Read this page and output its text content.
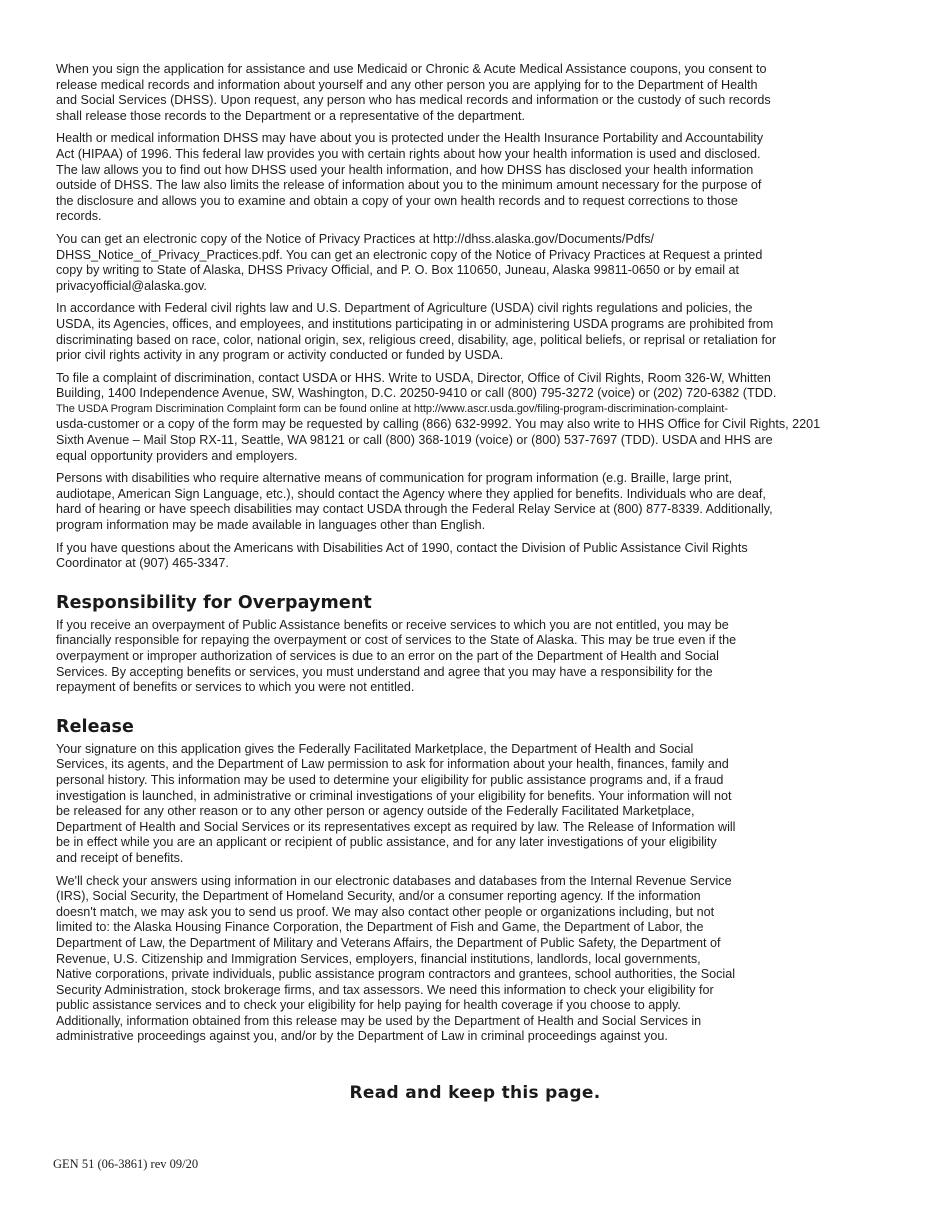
When you sign the application for assistance and use Medicaid or Chronic & Acute Medical Assistance coupons, you consent to
release medical records and information about yourself and any other person you are applying for to the Department of Health
and Social Services (DHSS). Upon request, any person who has medical records and information or the custody of such records
shall release those records to the Department or a representative of the department.

Health or medical information DHSS may have about you is protected under the Health Insurance Portability and Accountability
Act (HIPAA) of 1996. This federal law provides you with certain rights about how your health information is used and disclosed.
The law allows you to find out how DHSS used your health information, and how DHSS has disclosed your health information
outside of DHSS. The law also limits the release of information about you to the minimum amount necessary for the purpose of
the disclosure and allows you to examine and obtain a copy of your own health records and to request corrections to those
records.

You can get an electronic copy of the Notice of Privacy Practices at http://dhss.alaska.gov/Documents/Pdfs/
DHSS_Notice_of_Privacy_Practices.pdf. You can get an electronic copy of the Notice of Privacy Practices at Request a printed
copy by writing to State of Alaska, DHSS Privacy Official, and P. O. Box 110650, Juneau, Alaska 99811-0650 or by email at
privacyofficial@alaska.gov.

In accordance with Federal civil rights law and U.S. Department of Agriculture (USDA) civil rights regulations and policies, the
USDA, its Agencies, offices, and employees, and institutions participating in or administering USDA programs are prohibited from
discriminating based on race, color, national origin, sex, religious creed, disability, age, political beliefs, or reprisal or retaliation for
prior civil rights activity in any program or activity conducted or funded by USDA.

To file a complaint of discrimination, contact USDA or HHS. Write to USDA, Director, Office of Civil Rights, Room 326-W, Whitten
Building, 1400 Independence Avenue, SW, Washington, D.C. 20250-9410 or call (800) 795-3272 (voice) or (202) 720-6382 (TDD.
The USDA Program Discrimination Complaint form can be found online at http://www.ascr.usda.gov/filing-program-discrimination-complaint-
usda-customer or a copy of the form may be requested by calling (866) 632-9992. You may also write to HHS Office for Civil Rights, 2201
Sixth Avenue – Mail Stop RX-11, Seattle, WA 98121 or call (800) 368-1019 (voice) or (800) 537-7697 (TDD). USDA and HHS are
equal opportunity providers and employers.

Persons with disabilities who require alternative means of communication for program information (e.g. Braille, large print,
audiotape, American Sign Language, etc.), should contact the Agency where they applied for benefits. Individuals who are deaf,
hard of hearing or have speech disabilities may contact USDA through the Federal Relay Service at (800) 877-8339. Additionally,
program information may be made available in languages other than English.

If you have questions about the Americans with Disabilities Act of 1990, contact the Division of Public Assistance Civil Rights
Coordinator at (907) 465-3347.

Responsibility for Overpayment

If you receive an overpayment of Public Assistance benefits or receive services to which you are not entitled, you may be
financially responsible for repaying the overpayment or cost of services to the State of Alaska. This may be true even if the
overpayment or improper authorization of services is due to an error on the part of the Department of Health and Social
Services. By accepting benefits or services, you must understand and agree that you may have a responsibility for the
repayment of benefits or services to which you were not entitled.

Release

Your signature on this application gives the Federally Facilitated Marketplace, the Department of Health and Social
Services, its agents, and the Department of Law permission to ask for information about your health, finances, family and
personal history. This information may be used to determine your eligibility for public assistance programs and, if a fraud
investigation is launched, in administrative or criminal investigations of your eligibility for benefits. Your information will not
be released for any other reason or to any other person or agency outside of the Federally Facilitated Marketplace,
Department of Health and Social Services or its representatives except as required by law. The Release of Information will
be in effect while you are an applicant or recipient of public assistance, and for any later investigations of your eligibility
and receipt of benefits.

We'll check your answers using information in our electronic databases and databases from the Internal Revenue Service
(IRS), Social Security, the Department of Homeland Security, and/or a consumer reporting agency. If the information
doesn't match, we may ask you to send us proof. We may also contact other people or organizations including, but not
limited to: the Alaska Housing Finance Corporation, the Department of Fish and Game, the Department of Labor, the
Department of Law, the Department of Military and Veterans Affairs, the Department of Public Safety, the Department of
Revenue, U.S. Citizenship and Immigration Services, employers, financial institutions, landlords, local governments,
Native corporations, private individuals, public assistance program contractors and grantees, school authorities, the Social
Security Administration, stock brokerage firms, and tax assessors. We need this information to check your eligibility for
public assistance services and to check your eligibility for help paying for health coverage if you choose to apply.
Additionally, information obtained from this release may be used by the Department of Health and Social Services in
administrative proceedings against you, and/or by the Department of Law in criminal proceedings against you.

Read and keep this page.
GEN 51 (06-3861) rev 09/20
